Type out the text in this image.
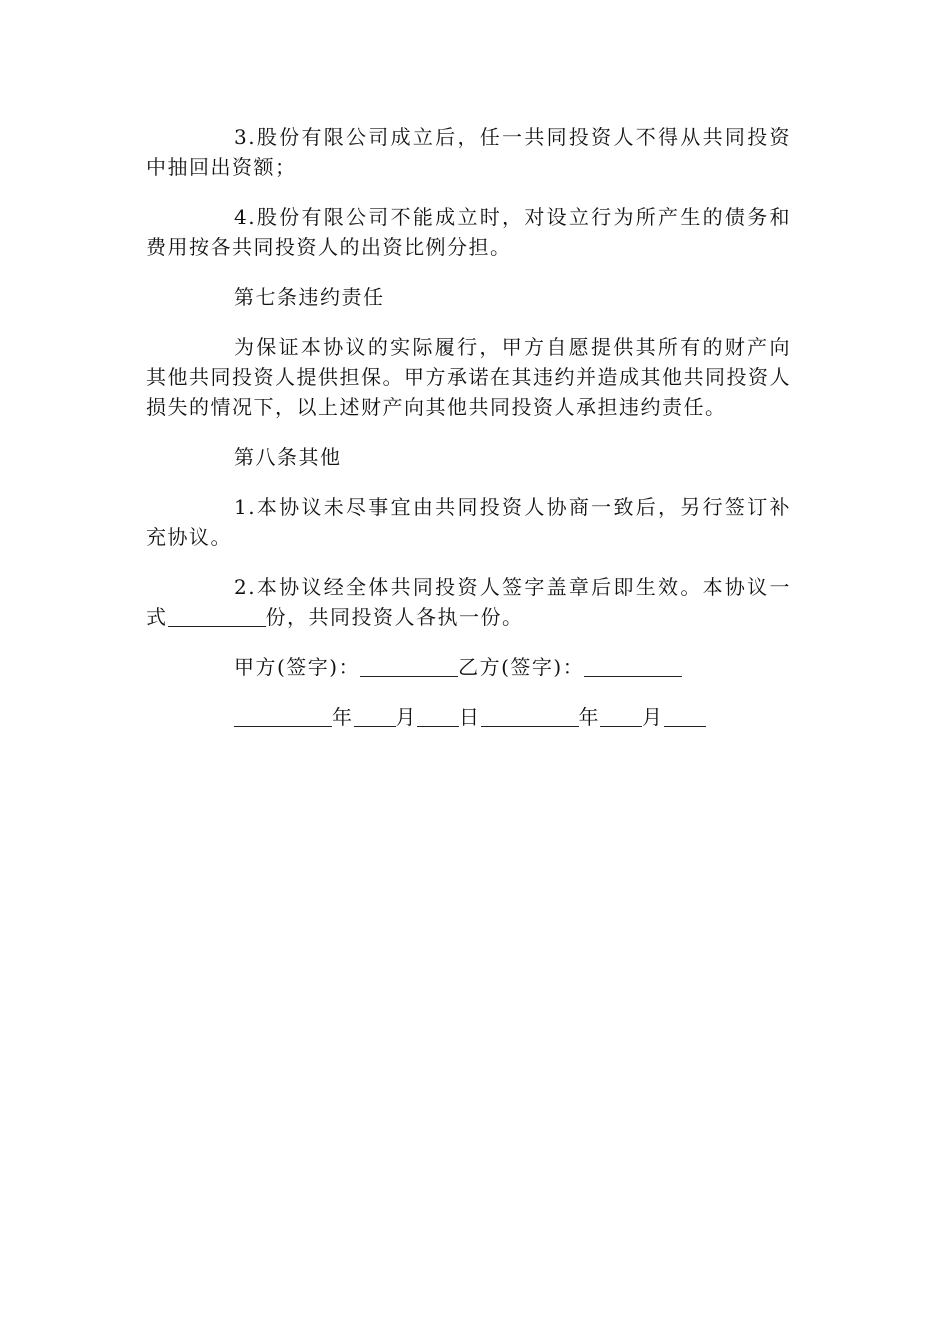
3.股份有限公司成立后，任一共同投资人不得从共同投资中抽回出资额；

4.股份有限公司不能成立时，对设立行为所产生的债务和费用按各共同投资人的出资比例分担。

第七条违约责任

为保证本协议的实际履行，甲方自愿提供其所有的财产向其他共同投资人提供担保。甲方承诺在其违约并造成其他共同投资人损失的情况下，以上述财产向其他共同投资人承担违约责任。

第八条其他

1.本协议未尽事宜由共同投资人协商一致后，另行签订补充协议。

2.本协议经全体共同投资人签字盖章后即生效。本协议一式	份，共同投资人各执一份。

甲方(签字)：	乙方(签字)：
年 月 日	年 月
